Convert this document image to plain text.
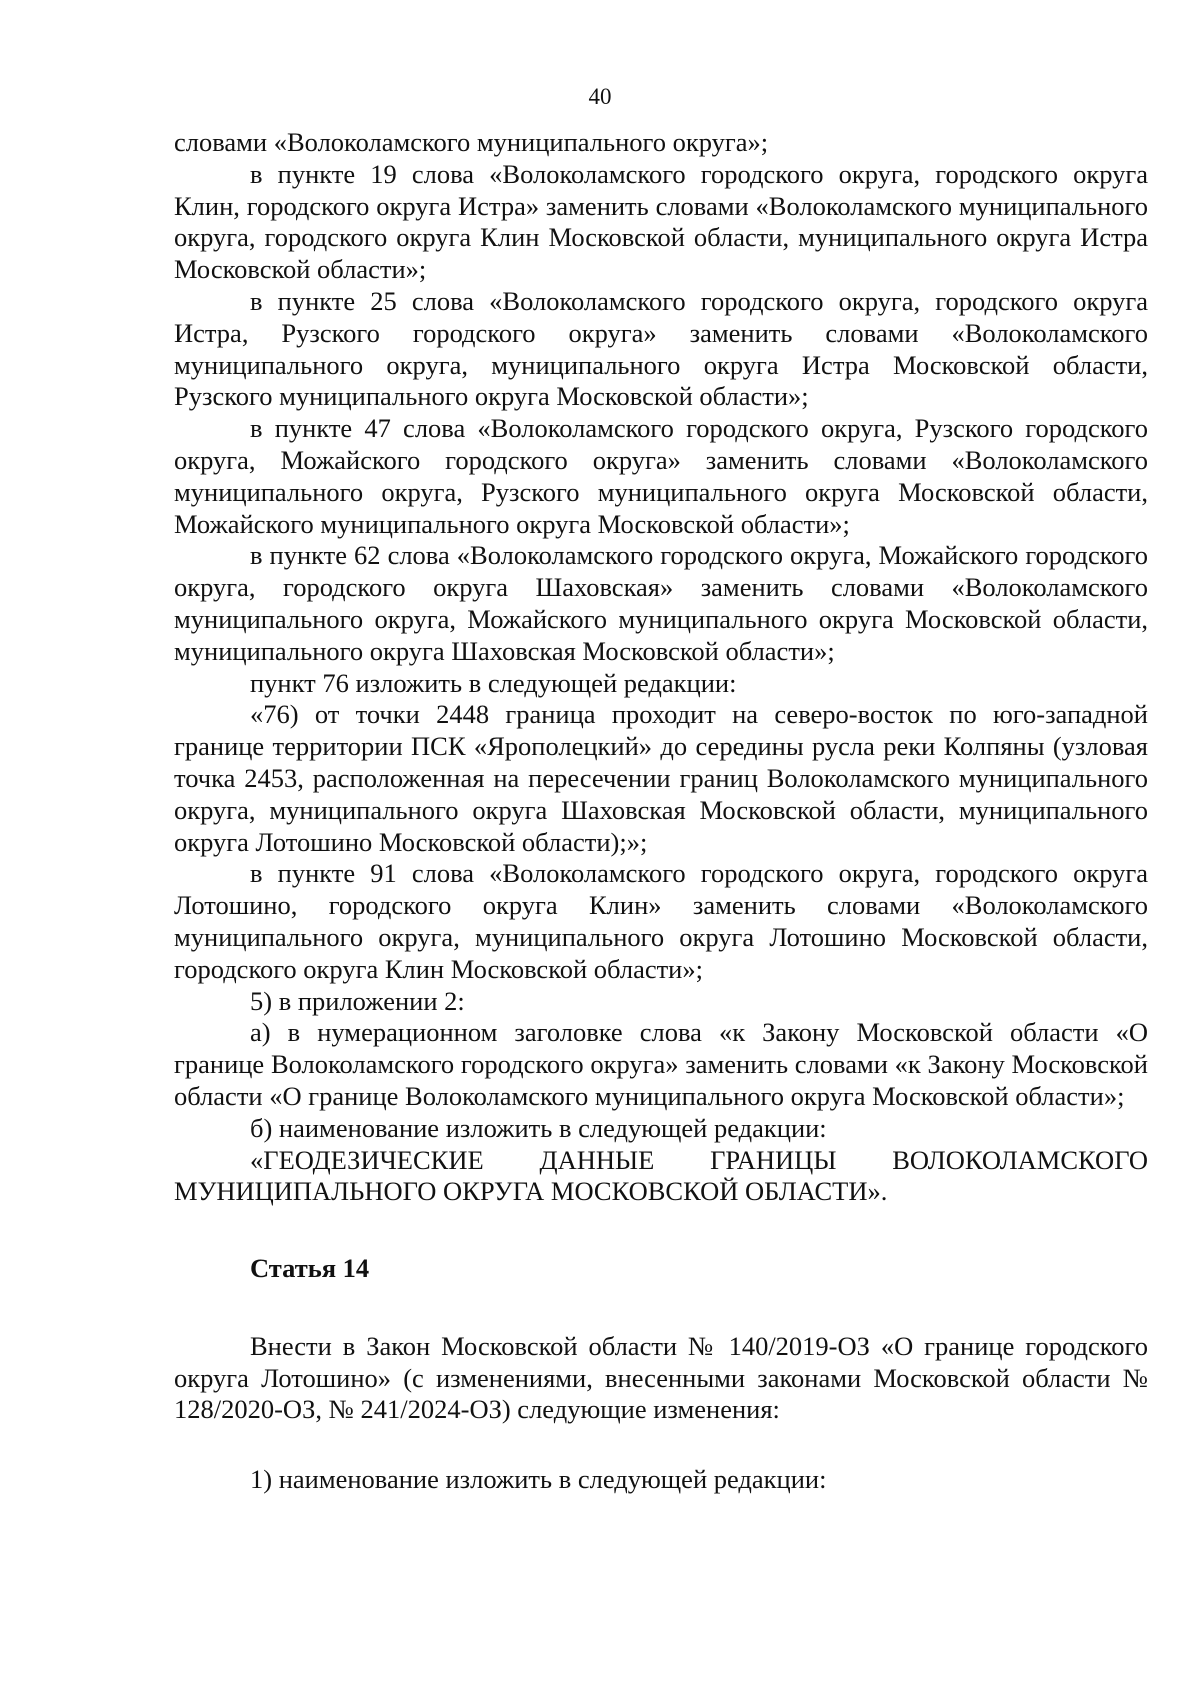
40

словами «Волоколамского муниципального округа»;

в пункте 19 слова «Волоколамского городского округа, городского округа Клин, городского округа Истра» заменить словами «Волоколамского муниципального округа, городского округа Клин Московской области, муниципального округа Истра Московской области»;

в пункте 25 слова «Волоколамского городского округа, городского округа Истра, Рузского городского округа» заменить словами «Волоколамского муниципального округа, муниципального округа Истра Московской области, Рузского муниципального округа Московской области»;

в пункте 47 слова «Волоколамского городского округа, Рузского городского округа, Можайского городского округа» заменить словами «Волоколамского муниципального округа, Рузского муниципального округа Московской области, Можайского муниципального округа Московской области»;

в пункте 62 слова «Волоколамского городского округа, Можайского городского округа, городского округа Шаховская» заменить словами «Волоколамского муниципального округа, Можайского муниципального округа Московской области, муниципального округа Шаховская Московской области»;

пункт 76 изложить в следующей редакции:

«76) от точки 2448 граница проходит на северо-восток по юго-западной границе территории ПСК «Ярополецкий» до середины русла реки Колпяны (узловая точка 2453, расположенная на пересечении границ Волоколамского муниципального округа, муниципального округа Шаховская Московской области, муниципального округа Лотошино Московской области);»;

в пункте 91 слова «Волоколамского городского округа, городского округа Лотошино, городского округа Клин» заменить словами «Волоколамского муниципального округа, муниципального округа Лотошино Московской области, городского округа Клин Московской области»;

5) в приложении 2:

а) в нумерационном заголовке слова «к Закону Московской области «О границе Волоколамского городского округа» заменить словами «к Закону Московской области «О границе Волоколамского муниципального округа Московской области»;

б) наименование изложить в следующей редакции:

«ГЕОДЕЗИЧЕСКИЕ ДАННЫЕ ГРАНИЦЫ ВОЛОКОЛАМСКОГО МУНИЦИПАЛЬНОГО ОКРУГА МОСКОВСКОЙ ОБЛАСТИ».

Статья 14

Внести в Закон Московской области № 140/2019-ОЗ «О границе городского округа Лотошино» (с изменениями, внесенными законами Московской области № 128/2020-ОЗ, № 241/2024-ОЗ) следующие изменения:

1) наименование изложить в следующей редакции:
